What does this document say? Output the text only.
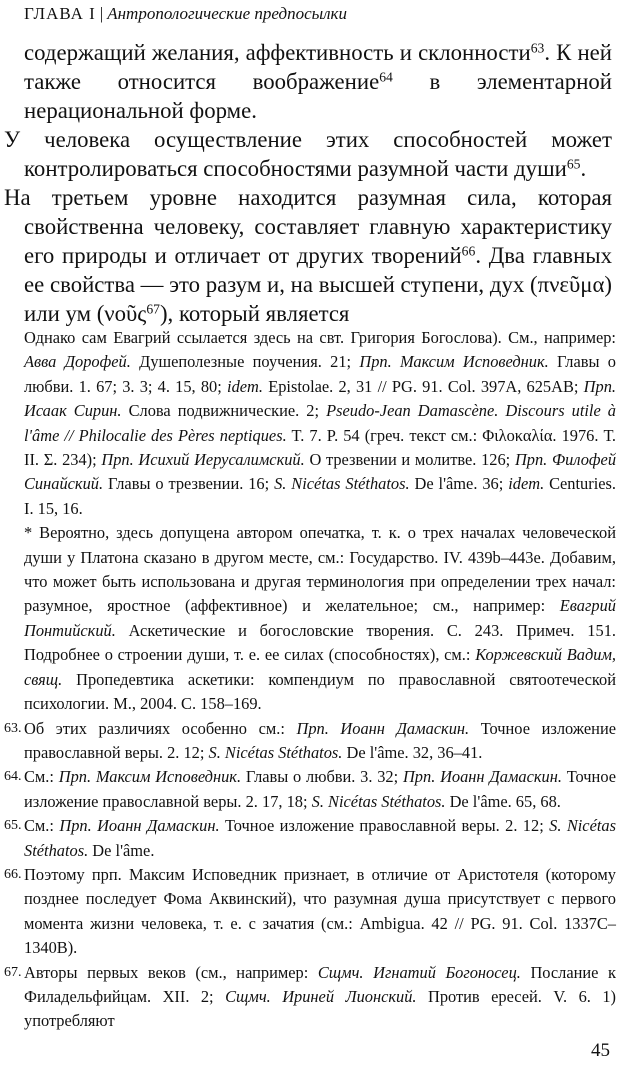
ГЛАВА I | Антропологические предпосылки

содержащий желания, аффективность и склонности$^{63}$. К ней также относится воображение$^{64}$ в элементарной нерациональной форме.

У человека осуществление этих способностей может контролироваться способностями разумной части души$^{65}$.

На третьем уровне находится разумная сила, которая свойственна человеку, составляет главную характеристику его природы и отличает от других творений$^{66}$. Два главных ее свойства — это разум и, на высшей ступени, дух (πνεῦμα) или ум (νοῦς$^{67}$), который является

Однако сам Евагрий ссылается здесь на свт. Григория Богослова). См., например: Авва Дорофей. Душеполезные поучения. 21; Прп. Максим Исповедник. Главы о любви. 1. 67; 3. 3; 4. 15, 80; idem. Epistolae. 2, 31 // PG. 91. Col. 397A, 625AB; Прп. Исаак Сирин. Слова подвижнические. 2; Pseudo-Jean Damascène. Discours utile à l'âme // Philocalie des Pères neptiques. T. 7. P. 54 (греч. текст см.: Φιλοκαλία. 1976. Т. II. Σ. 234); Прп. Исихий Иерусалимский. О трезвении и молитве. 126; Прп. Филофей Синайский. Главы о трезвении. 16; S. Nicétas Stéthatos. De l'âme. 36; idem. Centuries. I. 15, 16.

* Вероятно, здесь допущена автором опечатка, т. к. о трех началах человеческой души у Платона сказано в другом месте, см.: Государство. IV. 439b–443e. Добавим, что может быть использована и другая терминология при определении трех начал: разумное, яростное (аффективное) и желательное; см., например: Евагрий Понтийский. Аскетические и богословские творения. С. 243. Примеч. 151. Подробнее о строении души, т. е. ее силах (способностях), см.: Коржевский Вадим, свящ. Пропедевтика аскетики: компендиум по православной святоотеческой психологии. М., 2004. С. 158–169.

63. Об этих различиях особенно см.: Прп. Иоанн Дамаскин. Точное изложение православной веры. 2. 12; S. Nicétas Stéthatos. De l'âme. 32, 36–41.

64. См.: Прп. Максим Исповедник. Главы о любви. 3. 32; Прп. Иоанн Дамаскин. Точное изложение православной веры. 2. 17, 18; S. Nicétas Stéthatos. De l'âme. 65, 68.

65. См.: Прп. Иоанн Дамаскин. Точное изложение православной веры. 2. 12; S. Nicétas Stéthatos. De l'âme.

66. Поэтому прп. Максим Исповедник признает, в отличие от Аристотеля (которому позднее последует Фома Аквинский), что разумная душа присутствует с первого момента жизни человека, т. е. с зачатия (см.: Ambigua. 42 // PG. 91. Col. 1337C–1340B).

67. Авторы первых веков (см., например: Сщмч. Игнатий Богоносец. Послание к Филадельфийцам. XII. 2; Сщмч. Ириней Лионский. Против ересей. V. 6. 1) употребляют

45
